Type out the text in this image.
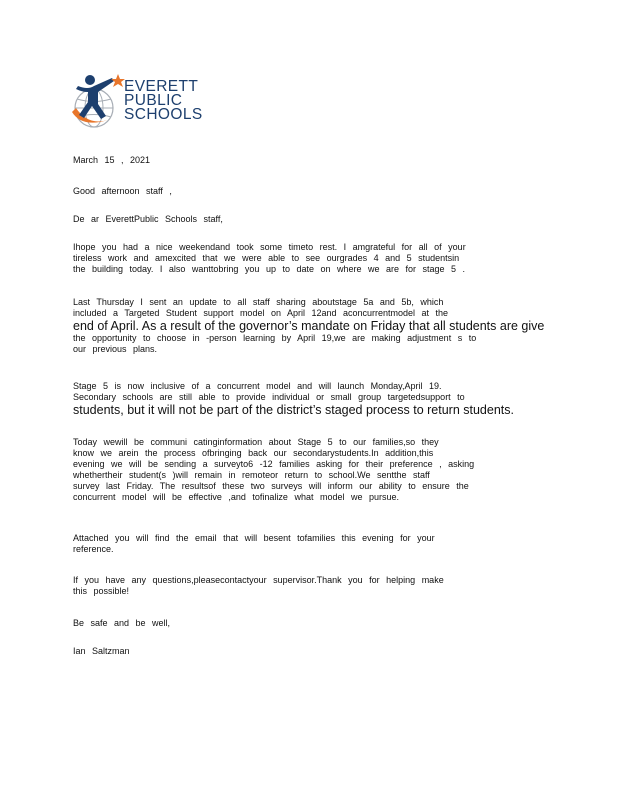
EVERETT
PUBLIC
SCHOOLS
March 15 , 2021
Good afternoon staff ,
De ar EverettPublic Schools staff,
Ihope you had a nice weekendand took some timeto rest. I amgrateful for all of your
tireless work and amexcited that we were able to see ourgrades 4 and 5 studentsin
the building today. I also wanttobring you up to date on where we are for stage 5 .
Last Thursday I sent an update to all staff sharing aboutstage 5a and 5b, which
included a Targeted Student support model on April 12and aconcurrentmodel at the
end of April. As a result of the governor’s mandate on Friday that all students are give
the opportunity to choose in -person learning by April 19,we are making adjustment s to
our previous plans.
Stage 5 is now inclusive of a concurrent model and will launch Monday,April 19.
Secondary schools are still able to provide individual or small group targetedsupport to
students, but it will not be part of the district’s staged process to return students.
Today wewill be communi catinginformation about Stage 5 to our families,so they
know we arein the process ofbringing back our secondarystudents.In addition,this
evening we will be sending a surveyto6 -12 families asking for their preference , asking
whethertheir student(s )will remain in remoteor return to school.We sentthe staff
survey last Friday. The resultsof these two surveys will inform our ability to ensure the
concurrent model will be effective ,and tofinalize what model we pursue.
Attached you will find the email that will besent tofamilies this evening for your
reference.
If you have any questions,pleasecontactyour supervisor.Thank you for helping make
this possible!
Be safe and be well,
Ian Saltzman
